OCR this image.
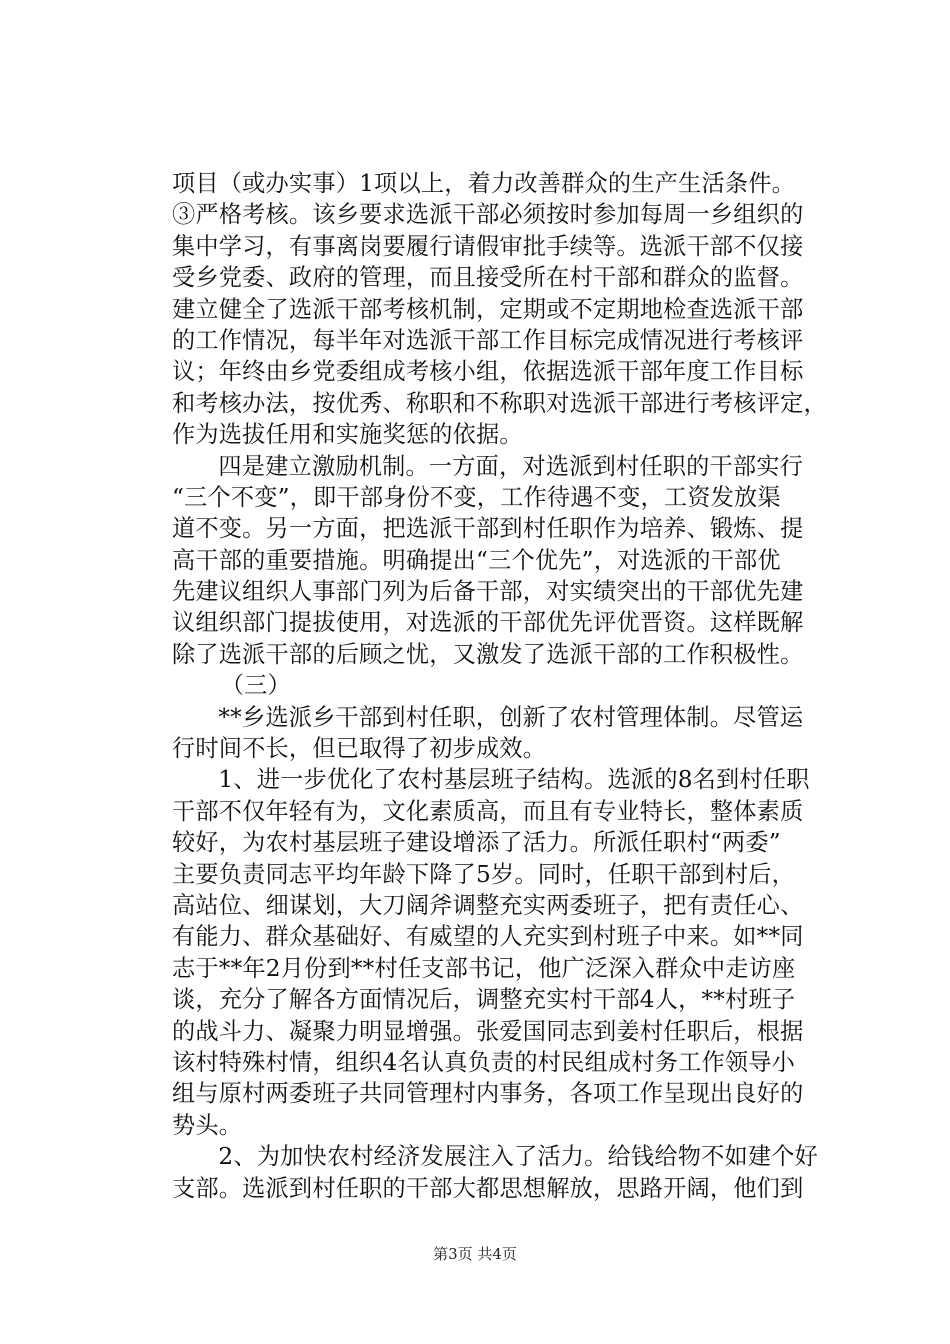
项目（或办实事）1项以上，着力改善群众的生产生活条件。
③严格考核。该乡要求选派干部必须按时参加每周一乡组织的
集中学习，有事离岗要履行请假审批手续等。选派干部不仅接
受乡党委、政府的管理，而且接受所在村干部和群众的监督。
建立健全了选派干部考核机制，定期或不定期地检查选派干部
的工作情况，每半年对选派干部工作目标完成情况进行考核评
议；年终由乡党委组成考核小组，依据选派干部年度工作目标
和考核办法，按优秀、称职和不称职对选派干部进行考核评定，
作为选拔任用和实施奖惩的依据。
四是建立激励机制。一方面，对选派到村任职的干部实行
“三个不变”，即干部身份不变，工作待遇不变，工资发放渠
道不变。另一方面，把选派干部到村任职作为培养、锻炼、提
高干部的重要措施。明确提出“三个优先”，对选派的干部优
先建议组织人事部门列为后备干部，对实绩突出的干部优先建
议组织部门提拔使用，对选派的干部优先评优晋资。这样既解
除了选派干部的后顾之忧，又激发了选派干部的工作积极性。
（三）
**乡选派乡干部到村任职，创新了农村管理体制。尽管运
行时间不长，但已取得了初步成效。
1、进一步优化了农村基层班子结构。选派的8名到村任职
干部不仅年轻有为，文化素质高，而且有专业特长，整体素质
较好，为农村基层班子建设增添了活力。所派任职村“两委”
主要负责同志平均年龄下降了5岁。同时，任职干部到村后，
高站位、细谋划，大刀阔斧调整充实两委班子，把有责任心、
有能力、群众基础好、有威望的人充实到村班子中来。如**同
志于**年2月份到**村任支部书记，他广泛深入群众中走访座
谈，充分了解各方面情况后，调整充实村干部4人，**村班子
的战斗力、凝聚力明显增强。张爱国同志到姜村任职后，根据
该村特殊村情，组织4名认真负责的村民组成村务工作领导小
组与原村两委班子共同管理村内事务，各项工作呈现出良好的
势头。
2、为加快农村经济发展注入了活力。给钱给物不如建个好
支部。选派到村任职的干部大都思想解放，思路开阔，他们到
第3页 共4页
